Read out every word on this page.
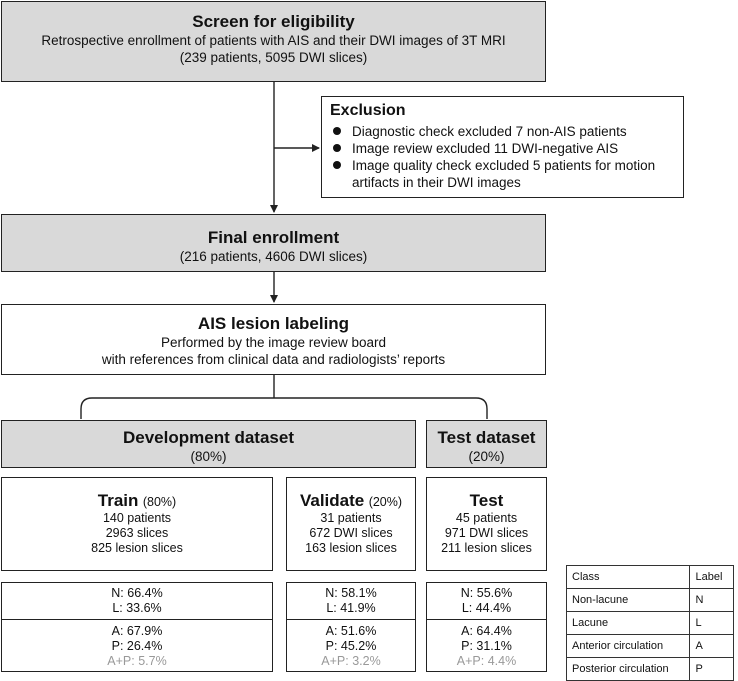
Screen for eligibility
Retrospective enrollment of patients with AIS and their DWI images of 3T MRI
(239 patients, 5095 DWI slices)
Exclusion
Diagnostic check excluded 7 non-AIS patients
Image review excluded 11 DWI-negative AIS
Image quality check excluded 5 patients for motion artifacts in their DWI images
Final enrollment
(216 patients, 4606 DWI slices)
AIS lesion labeling
Performed by the image review board
with references from clinical data and radiologists’ reports
Development dataset
(80%)
Test dataset
(20%)
Train (80%)
140 patients
2963 slices
825 lesion slices
Validate (20%)
31 patients
672 DWI slices
163 lesion slices
Test
45 patients
971 DWI slices
211 lesion slices
N: 66.4%
L: 33.6%
A: 67.9%
P: 26.4%
A+P: 5.7%
N: 58.1%
L: 41.9%
A: 51.6%
P: 45.2%
A+P: 3.2%
N: 55.6%
L: 44.4%
A: 64.4%
P: 31.1%
A+P: 4.4%
Class	Label
Non-lacune	N
Lacune	L
Anterior circulation	A
Posterior circulation	P
